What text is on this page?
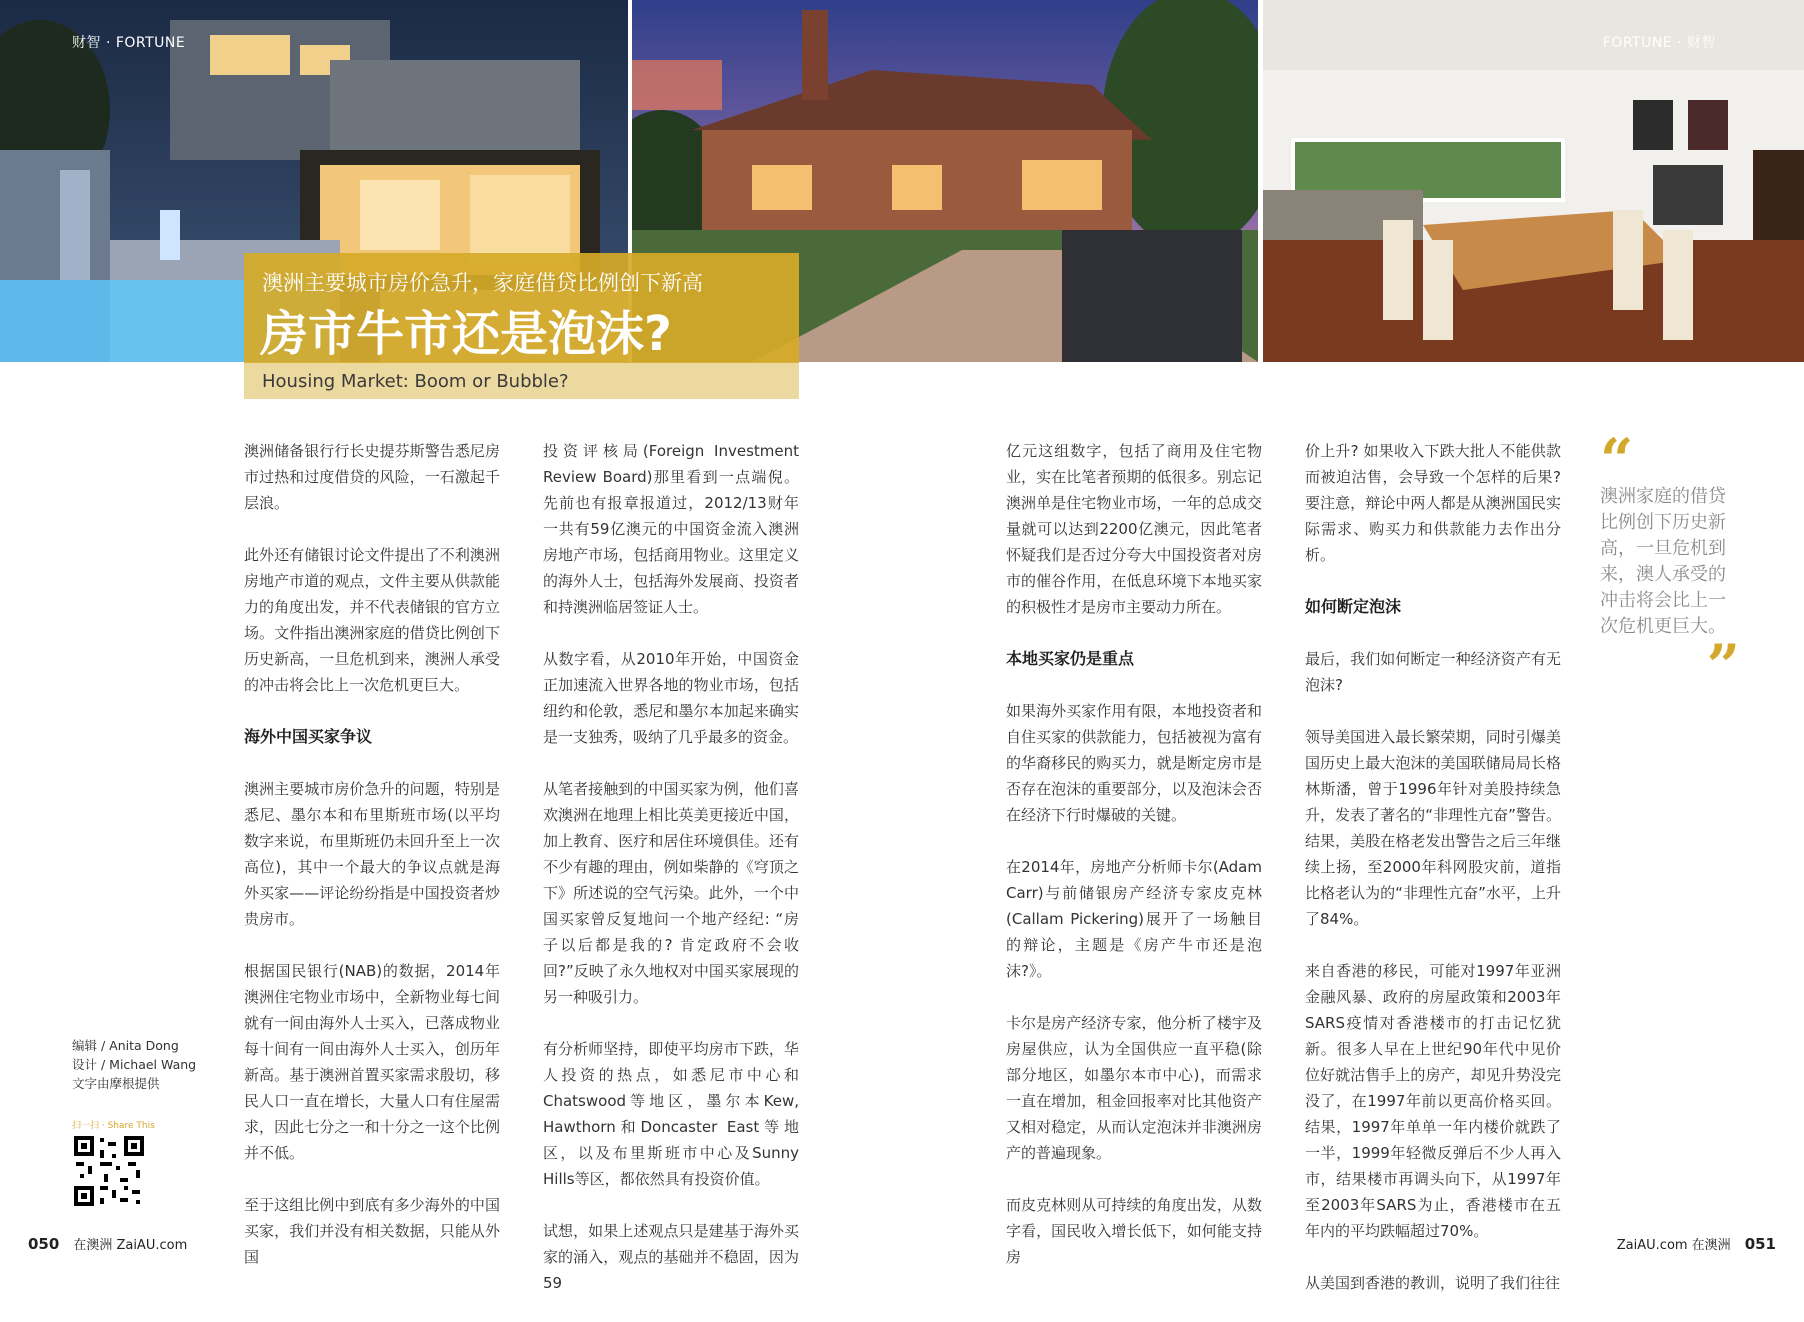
财智 · FORTUNE	FORTUNE · 财智
澳洲主要城市房价急升，家庭借贷比例创下新高
房市牛市还是泡沫?
Housing Market: Boom or Bubble?

澳洲储备银行行长史提芬斯警告悉尼房市过热和过度借贷的风险，一石激起千层浪。

此外还有储银讨论文件提出了不利澳洲房地产市道的观点，文件主要从供款能力的角度出发，并不代表储银的官方立场。文件指出澳洲家庭的借贷比例创下历史新高，一旦危机到来，澳洲人承受的冲击将会比上一次危机更巨大。

海外中国买家争议

澳洲主要城市房价急升的问题，特别是悉尼、墨尔本和布里斯班市场(以平均数字来说，布里斯班仍未回升至上一次高位)，其中一个最大的争议点就是海外买家——评论纷纷指是中国投资者炒贵房市。

根据国民银行(NAB)的数据，2014年澳洲住宅物业市场中，全新物业每七间就有一间由海外人士买入，已落成物业每十间有一间由海外人士买入，创历年新高。基于澳洲首置买家需求殷切，移民人口一直在增长，大量人口有住屋需求，因此七分之一和十分之一这个比例并不低。

至于这组比例中到底有多少海外的中国买家，我们并没有相关数据，只能从外国

投资评核局(Foreign Investment Review Board)那里看到一点端倪。先前也有报章报道过，2012/13财年一共有59亿澳元的中国资金流入澳洲房地产市场，包括商用物业。这里定义的海外人士，包括海外发展商、投资者和持澳洲临居签证人士。

从数字看，从2010年开始，中国资金正加速流入世界各地的物业市场，包括纽约和伦敦，悉尼和墨尔本加起来确实是一支独秀，吸纳了几乎最多的资金。

从笔者接触到的中国买家为例，他们喜欢澳洲在地理上相比英美更接近中国，加上教育、医疗和居住环境俱佳。还有不少有趣的理由，例如柴静的《穹顶之下》所述说的空气污染。此外，一个中国买家曾反复地问一个地产经纪: “房子以后都是我的? 肯定政府不会收回?”反映了永久地权对中国买家展现的另一种吸引力。

有分析师坚持，即使平均房市下跌，华人投资的热点，如悉尼市中心和Chatswood等地区，墨尔本Kew, Hawthorn和Doncaster East等地区，以及布里斯班市中心及Sunny Hills等区，都依然具有投资价值。

试想，如果上述观点只是建基于海外买家的涌入，观点的基础并不稳固，因为59

亿元这组数字，包括了商用及住宅物业，实在比笔者预期的低很多。别忘记澳洲单是住宅物业市场，一年的总成交量就可以达到2200亿澳元，因此笔者怀疑我们是否过分夸大中国投资者对房市的催谷作用，在低息环境下本地买家的积极性才是房市主要动力所在。

本地买家仍是重点

如果海外买家作用有限，本地投资者和自住买家的供款能力，包括被视为富有的华裔移民的购买力，就是断定房市是否存在泡沫的重要部分，以及泡沫会否在经济下行时爆破的关键。

在2014年，房地产分析师卡尔(Adam Carr)与前储银房产经济专家皮克林(Callam Pickering)展开了一场触目的辩论，主题是《房产牛市还是泡沫?》。

卡尔是房产经济专家，他分析了楼宇及房屋供应，认为全国供应一直平稳(除部分地区，如墨尔本市中心)，而需求一直在增加，租金回报率对比其他资产又相对稳定，从而认定泡沫并非澳洲房产的普遍现象。

而皮克林则从可持续的角度出发，从数字看，国民收入增长低下，如何能支持房

价上升? 如果收入下跌大批人不能供款而被迫沽售，会导致一个怎样的后果? 要注意，辩论中两人都是从澳洲国民实际需求、购买力和供款能力去作出分析。

如何断定泡沫

最后，我们如何断定一种经济资产有无泡沫?

领导美国进入最长繁荣期，同时引爆美国历史上最大泡沫的美国联储局局长格林斯潘，曾于1996年针对美股持续急升，发表了著名的“非理性亢奋”警告。结果，美股在格老发出警告之后三年继续上扬，至2000年科网股灾前，道指比格老认为的“非理性亢奋”水平，上升了84%。

来自香港的移民，可能对1997年亚洲金融风暴、政府的房屋政策和2003年SARS疫情对香港楼市的打击记忆犹新。很多人早在上世纪90年代中见价位好就沽售手上的房产，却见升势没完没了，在1997年前以更高价格买回。结果，1997年单单一年内楼价就跌了一半，1999年轻微反弹后不少人再入市，结果楼市再调头向下，从1997年至2003年SARS为止，香港楼市在五年内的平均跌幅超过70%。

从美国到香港的教训，说明了我们往往

“
澳洲家庭的借贷比例创下历史新高，一旦危机到来，澳人承受的冲击将会比上一次危机更巨大。
”
编辑 / Anita Dong
设计 / Michael Wang
文字由摩根提供
扫一扫 · Share This
050 在澳洲 ZaiAU.com	ZaiAU.com 在澳洲 051
